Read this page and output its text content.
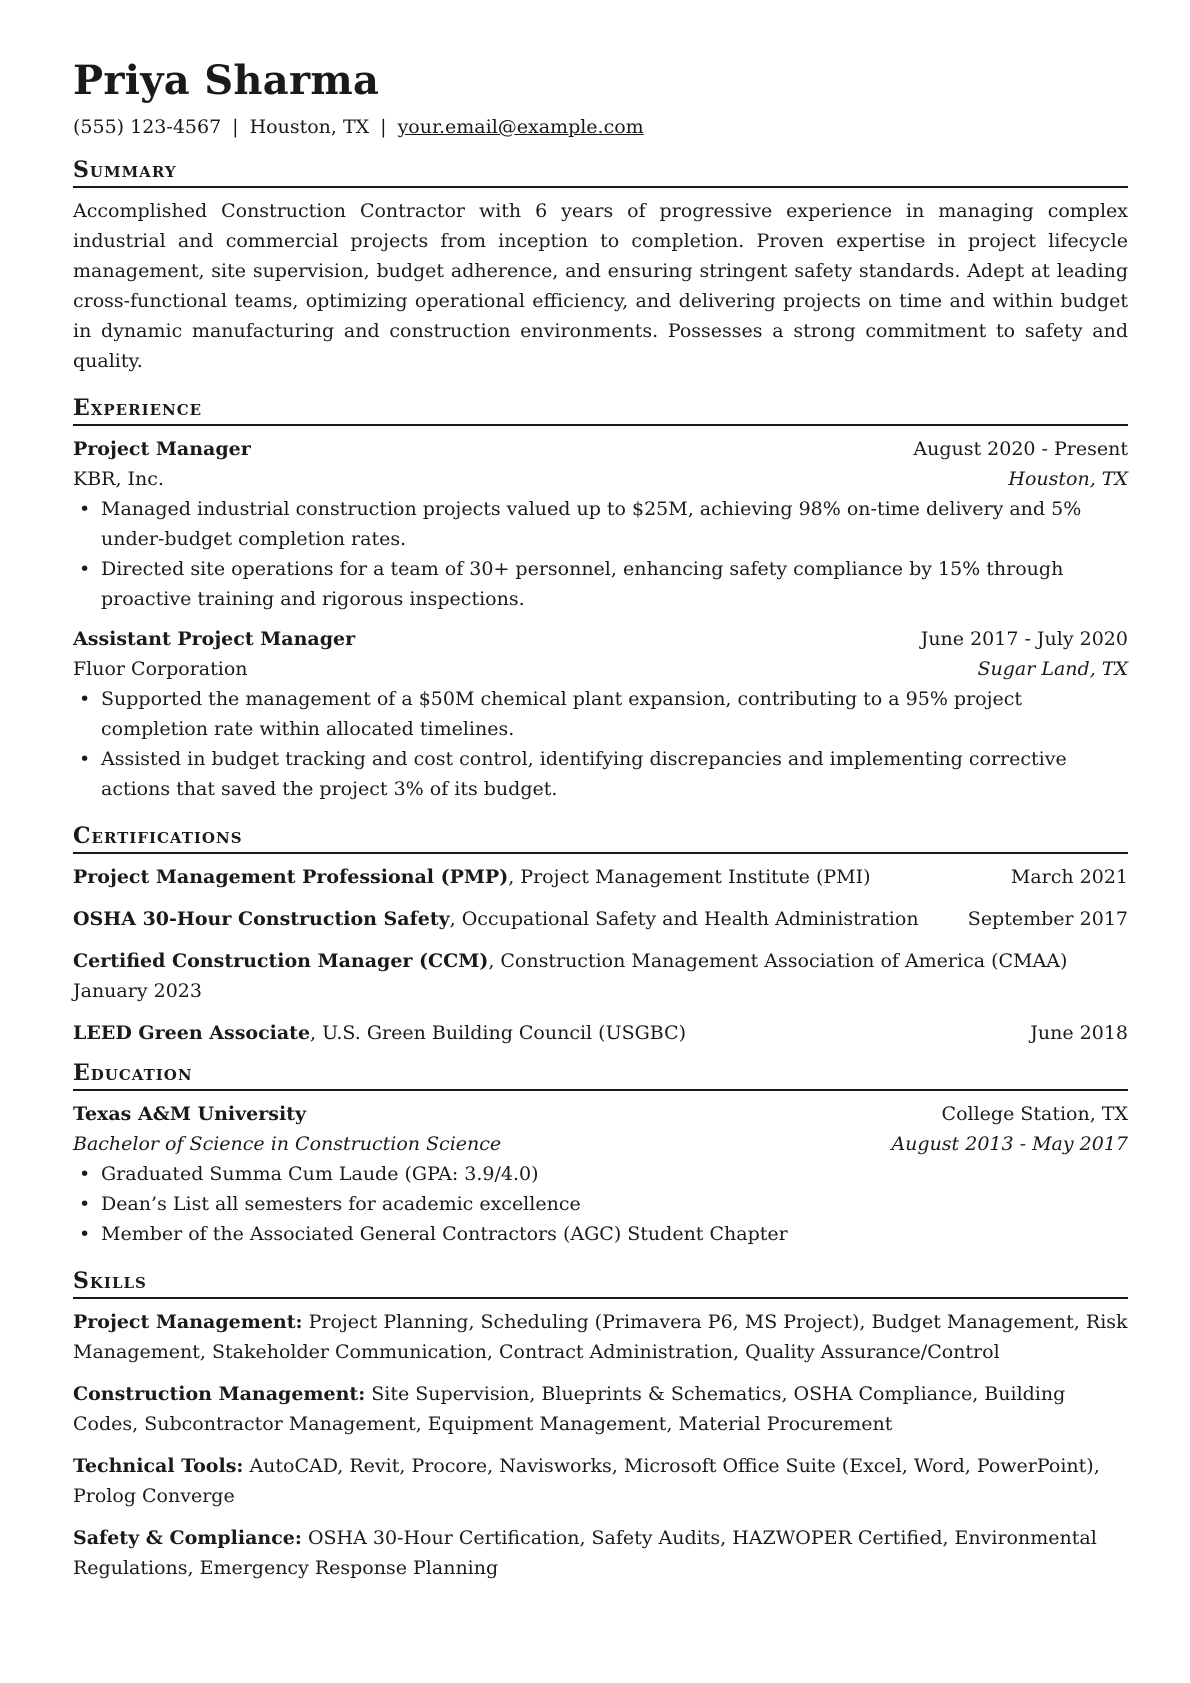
Priya Sharma
(555) 123-4567 | Houston, TX | your.email@example.com
Summary

Accomplished Construction Contractor with 6 years of progressive experience in managing complex industrial and commercial projects from inception to completion. Proven expertise in project lifecycle management, site supervision, budget adherence, and ensuring stringent safety standards. Adept at leading cross-functional teams, optimizing operational efficiency, and delivering projects on time and within budget in dynamic manufacturing and construction environments. Possesses a strong commitment to safety and quality.

Experience
Project Manager	August 2020 - Present
KBR, Inc.	Houston, TX
• Managed industrial construction projects valued up to $25M, achieving 98% on-time delivery and 5% under-budget completion rates.
• Directed site operations for a team of 30+ personnel, enhancing safety compliance by 15% through proactive training and rigorous inspections.
Assistant Project Manager	June 2017 - July 2020
Fluor Corporation	Sugar Land, TX
• Supported the management of a $50M chemical plant expansion, contributing to a 95% project completion rate within allocated timelines.
• Assisted in budget tracking and cost control, identifying discrepancies and implementing corrective actions that saved the project 3% of its budget.
Certifications
Project Management Professional (PMP), Project Management Institute (PMI)	March 2021
OSHA 30-Hour Construction Safety, Occupational Safety and Health Administration	September 2017
Certified Construction Manager (CCM), Construction Management Association of America (CMAA)
January 2023
LEED Green Associate, U.S. Green Building Council (USGBC)	June 2018
Education
Texas A&M University	College Station, TX
Bachelor of Science in Construction Science	August 2013 - May 2017
• Graduated Summa Cum Laude (GPA: 3.9/4.0)
• Dean’s List all semesters for academic excellence
• Member of the Associated General Contractors (AGC) Student Chapter
Skills
Project Management: Project Planning, Scheduling (Primavera P6, MS Project), Budget Management, Risk Management, Stakeholder Communication, Contract Administration, Quality Assurance/Control
Construction Management: Site Supervision, Blueprints & Schematics, OSHA Compliance, Building Codes, Subcontractor Management, Equipment Management, Material Procurement
Technical Tools: AutoCAD, Revit, Procore, Navisworks, Microsoft Office Suite (Excel, Word, PowerPoint), Prolog Converge
Safety & Compliance: OSHA 30-Hour Certification, Safety Audits, HAZWOPER Certified, Environmental Regulations, Emergency Response Planning
